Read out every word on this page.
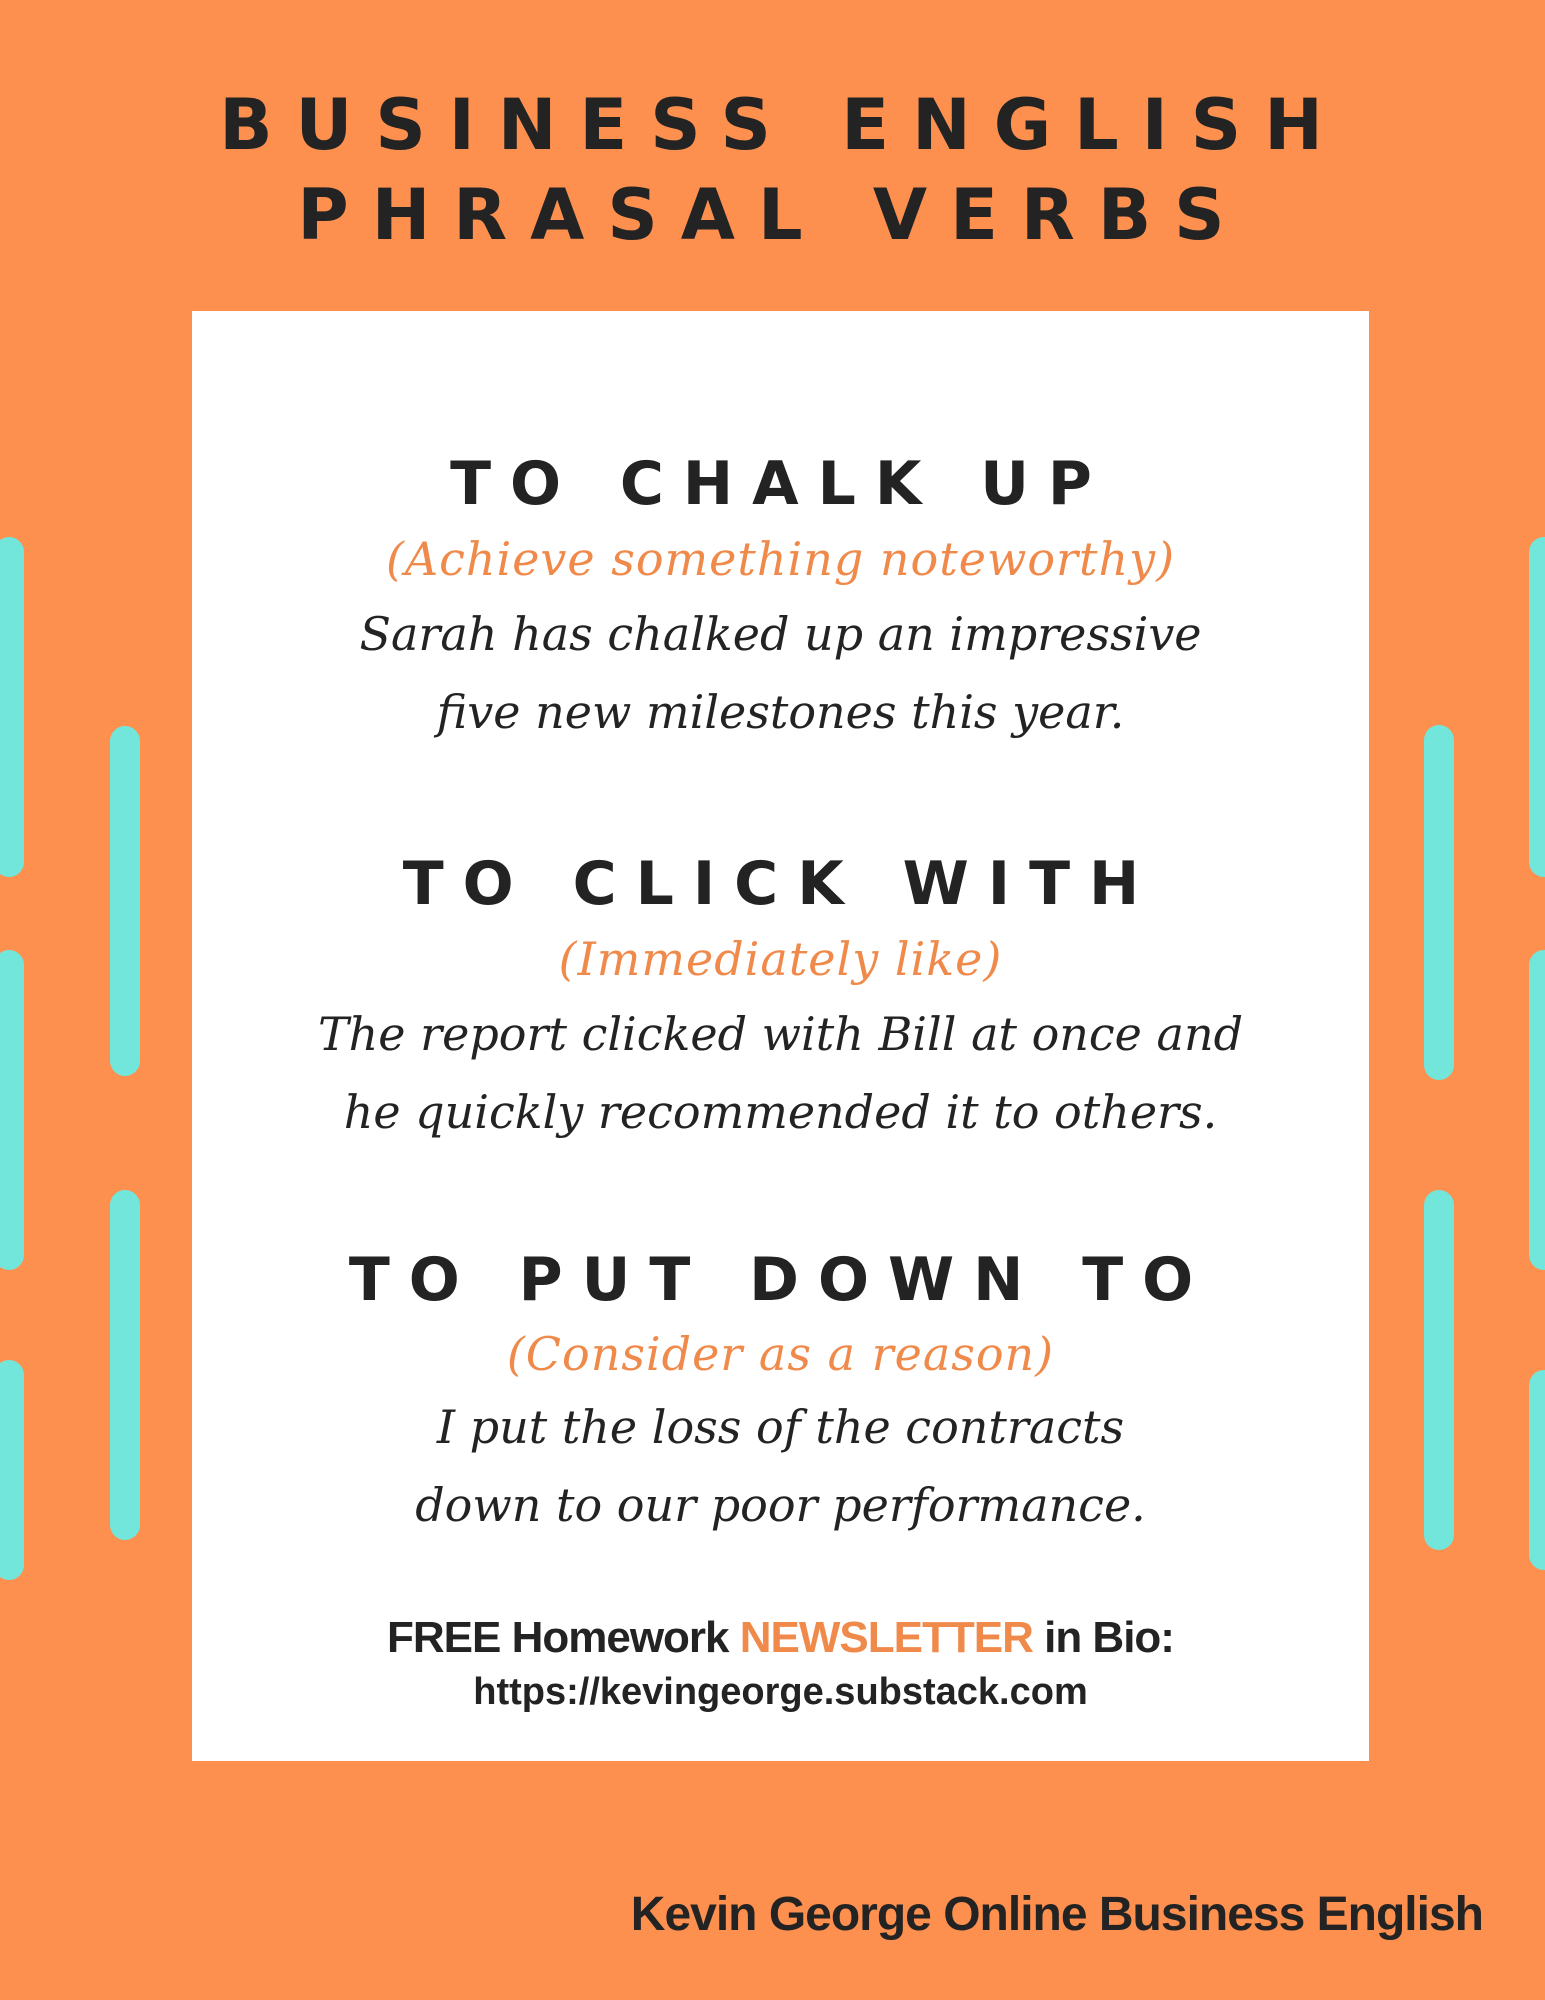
BUSINESS ENGLISH
PHRASAL VERBS
TO CHALK UP

(Achieve something noteworthy)

Sarah has chalked up an impressive
five new milestones this year.

TO CLICK WITH

(Immediately like)

The report clicked with Bill at once and
he quickly recommended it to others.

TO PUT DOWN TO

(Consider as a reason)

I put the loss of the contracts
down to our poor performance.

FREE Homework NEWSLETTER in Bio:

https://kevingeorge.substack.com

Kevin George Online Business English
